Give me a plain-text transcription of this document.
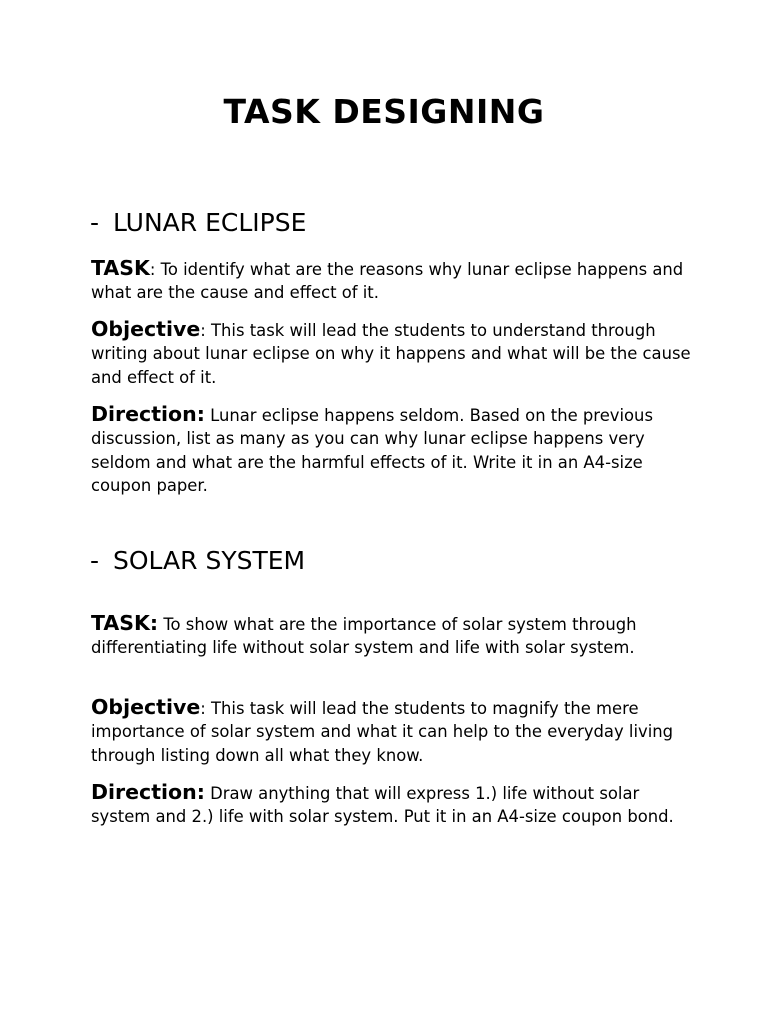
TASK DESIGNING
- LUNAR ECLIPSE

TASK: To identify what are the reasons why lunar eclipse happens and what are the cause and effect of it.

Objective: This task will lead the students to understand through writing about lunar eclipse on why it happens and what will be the cause and effect of it.

Direction: Lunar eclipse happens seldom. Based on the previous discussion, list as many as you can why lunar eclipse happens very seldom and what are the harmful effects of it. Write it in an A4-size coupon paper.

- SOLAR SYSTEM

TASK: To show what are the importance of solar system through differentiating life without solar system and life with solar system.

Objective: This task will lead the students to magnify the mere importance of solar system and what it can help to the everyday living through listing down all what they know.

Direction: Draw anything that will express 1.) life without solar system and 2.) life with solar system. Put it in an A4-size coupon bond.
